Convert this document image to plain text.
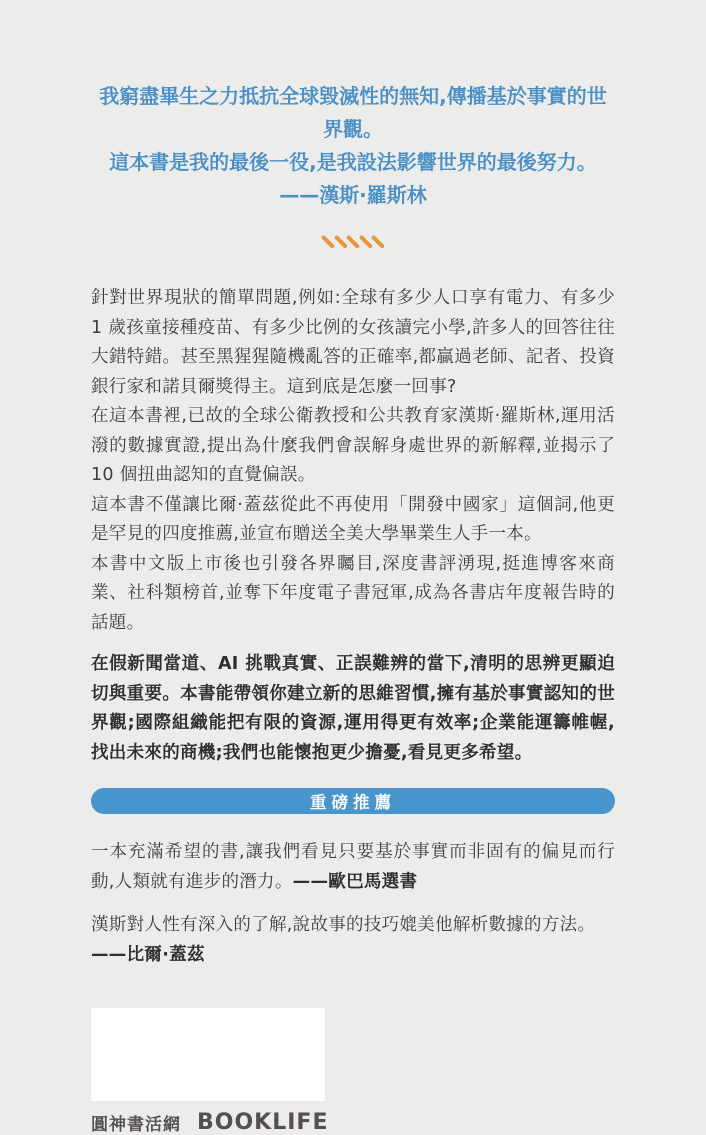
我窮盡畢生之力抵抗全球毀滅性的無知,傳播基於事實的世界觀。
這本書是我的最後一役,是我設法影響世界的最後努力。
——漢斯·羅斯林

針對世界現狀的簡單問題,例如:全球有多少人口享有電力、有多少 1 歲孩童接種疫苗、有多少比例的女孩讀完小學,許多人的回答往往大錯特錯。甚至黑猩猩隨機亂答的正確率,都贏過老師、記者、投資銀行家和諾貝爾獎得主。這到底是怎麼一回事?

在這本書裡,已故的全球公衛教授和公共教育家漢斯·羅斯林,運用活潑的數據實證,提出為什麼我們會誤解身處世界的新解釋,並揭示了 10 個扭曲認知的直覺偏誤。

這本書不僅讓比爾·蓋茲從此不再使用「開發中國家」這個詞,他更是罕見的四度推薦,並宣布贈送全美大學畢業生人手一本。

本書中文版上市後也引發各界矚目,深度書評湧現,挺進博客來商業、社科類榜首,並奪下年度電子書冠軍,成為各書店年度報告時的話題。

在假新聞當道、AI 挑戰真實、正誤難辨的當下,清明的思辨更顯迫切與重要。本書能帶領你建立新的思維習慣,擁有基於事實認知的世界觀;國際組織能把有限的資源,運用得更有效率;企業能運籌帷幄,找出未來的商機;我們也能懷抱更少擔憂,看見更多希望。

重磅推薦
一本充滿希望的書,讓我們看見只要基於事實而非固有的偏見而行動,人類就有進步的潛力。——歐巴馬選書
漢斯對人性有深入的了解,說故事的技巧媲美他解析數據的方法。
——比爾·蓋茲
圓神書活網 BOOKLIFE
